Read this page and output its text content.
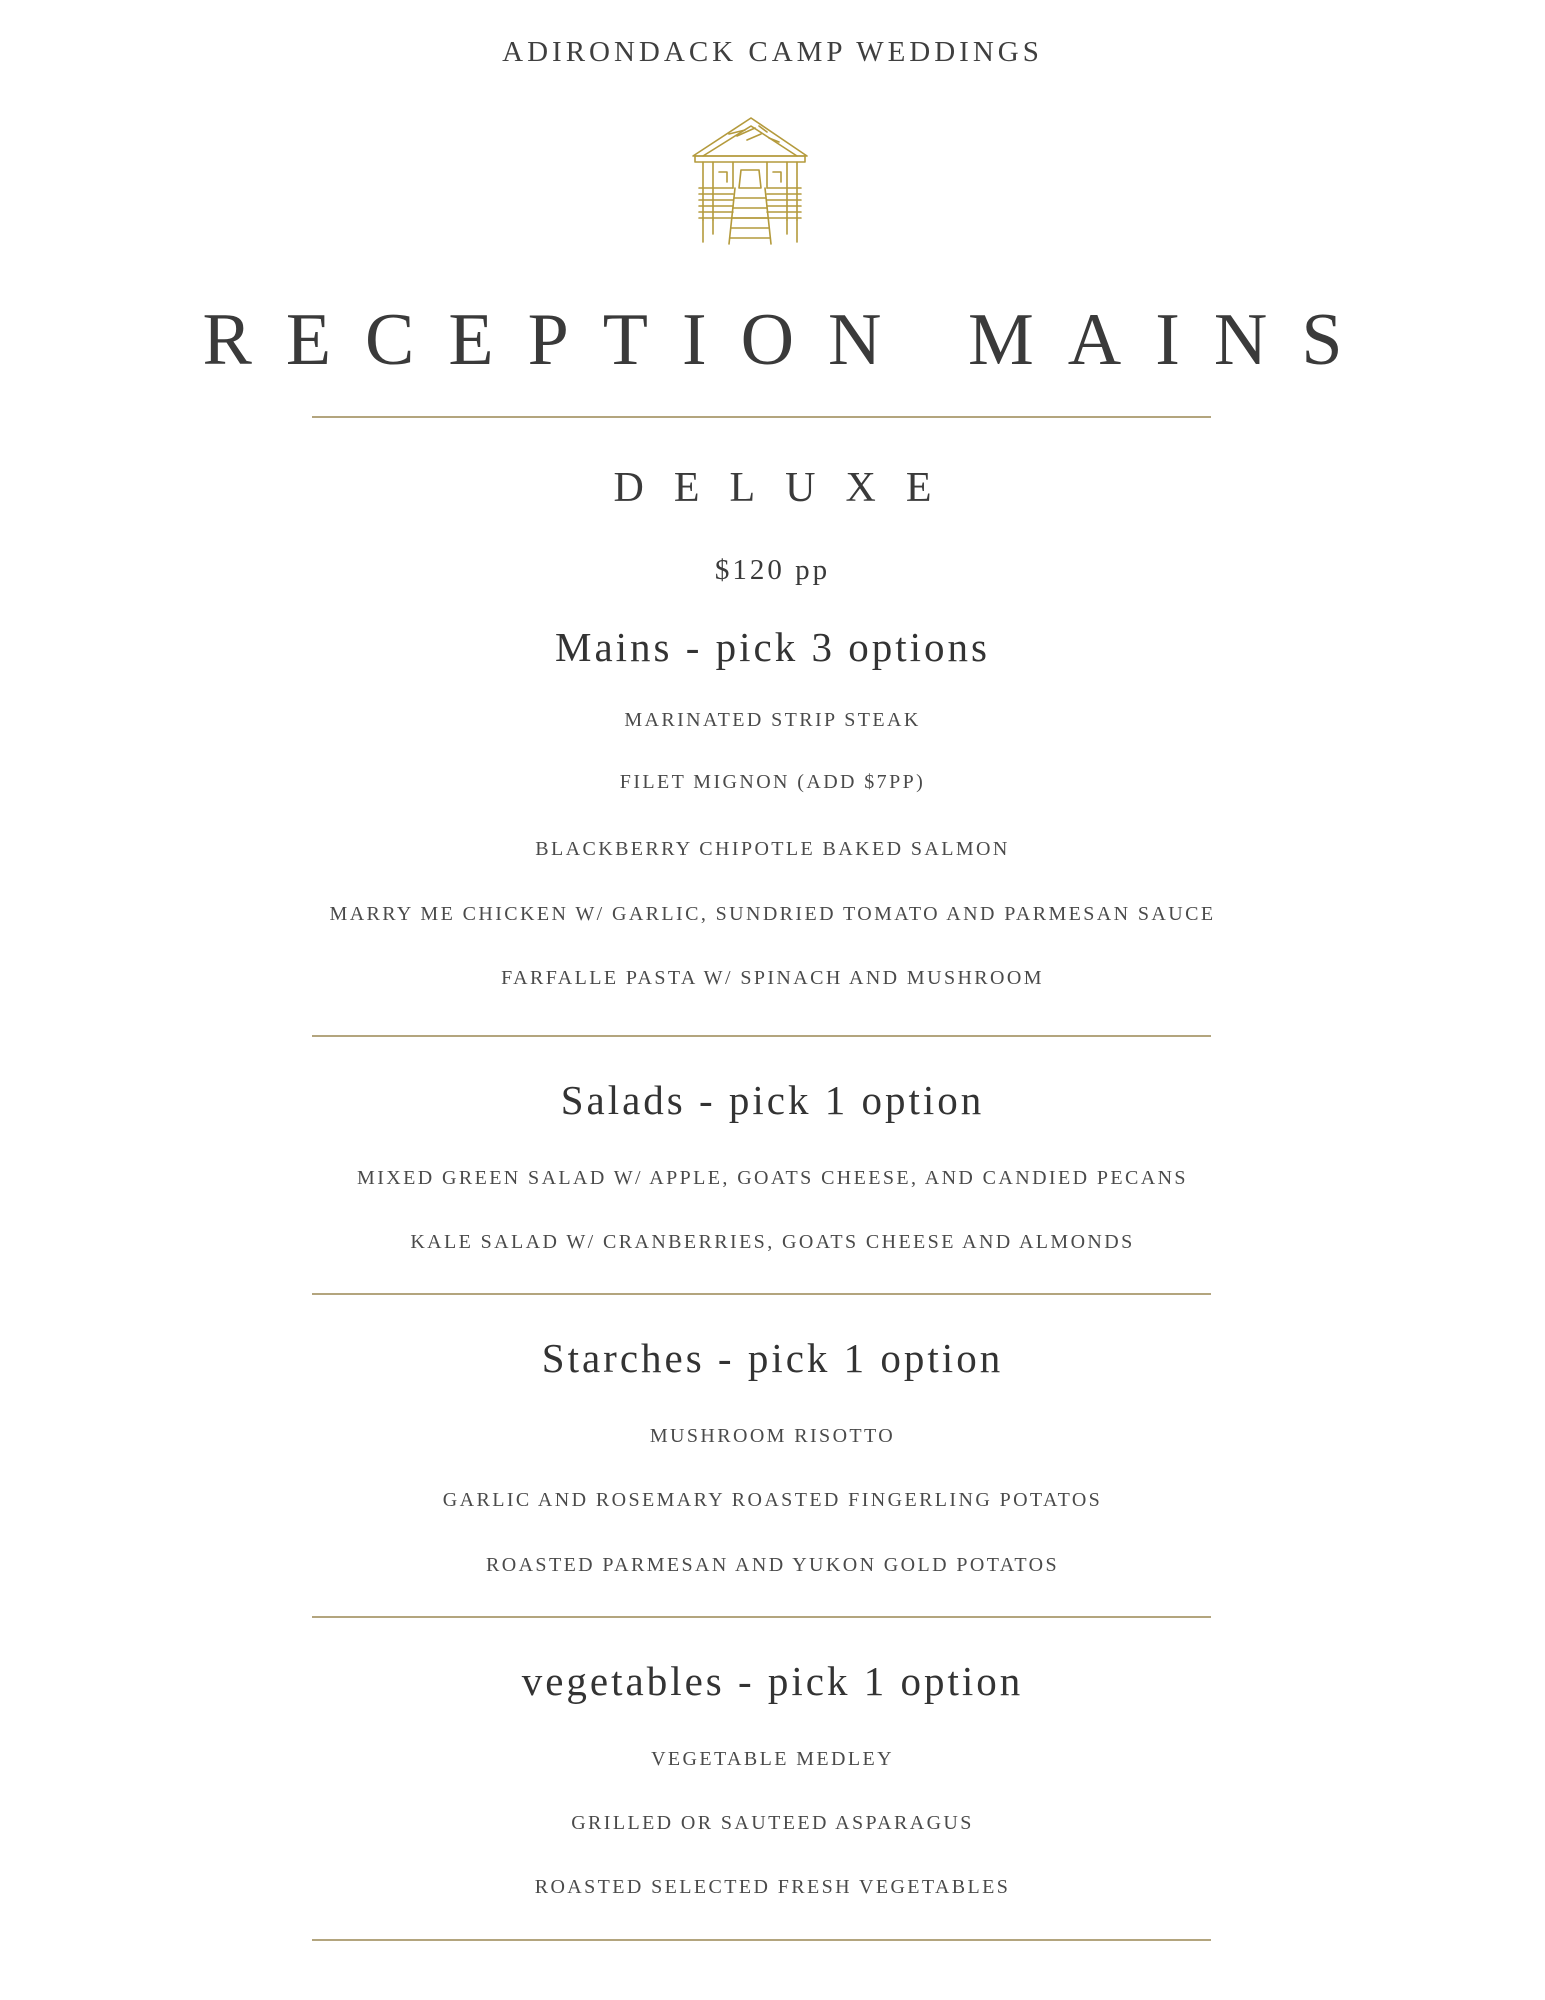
ADIRONDACK CAMP WEDDINGS
RECEPTION MAINS
DELUXE
$120 pp
Mains - pick 3 options
MARINATED STRIP STEAK
FILET MIGNON (ADD $7PP)
BLACKBERRY CHIPOTLE BAKED SALMON
MARRY ME CHICKEN W/ GARLIC, SUNDRIED TOMATO AND PARMESAN SAUCE
FARFALLE PASTA W/ SPINACH AND MUSHROOM
Salads - pick 1 option
MIXED GREEN SALAD W/ APPLE, GOATS CHEESE, AND CANDIED PECANS
KALE SALAD W/ CRANBERRIES, GOATS CHEESE AND ALMONDS
Starches - pick 1 option
MUSHROOM RISOTTO
GARLIC AND ROSEMARY ROASTED FINGERLING POTATOS
ROASTED PARMESAN AND YUKON GOLD POTATOS
vegetables - pick 1 option
VEGETABLE MEDLEY
GRILLED OR SAUTEED ASPARAGUS
ROASTED SELECTED FRESH VEGETABLES
